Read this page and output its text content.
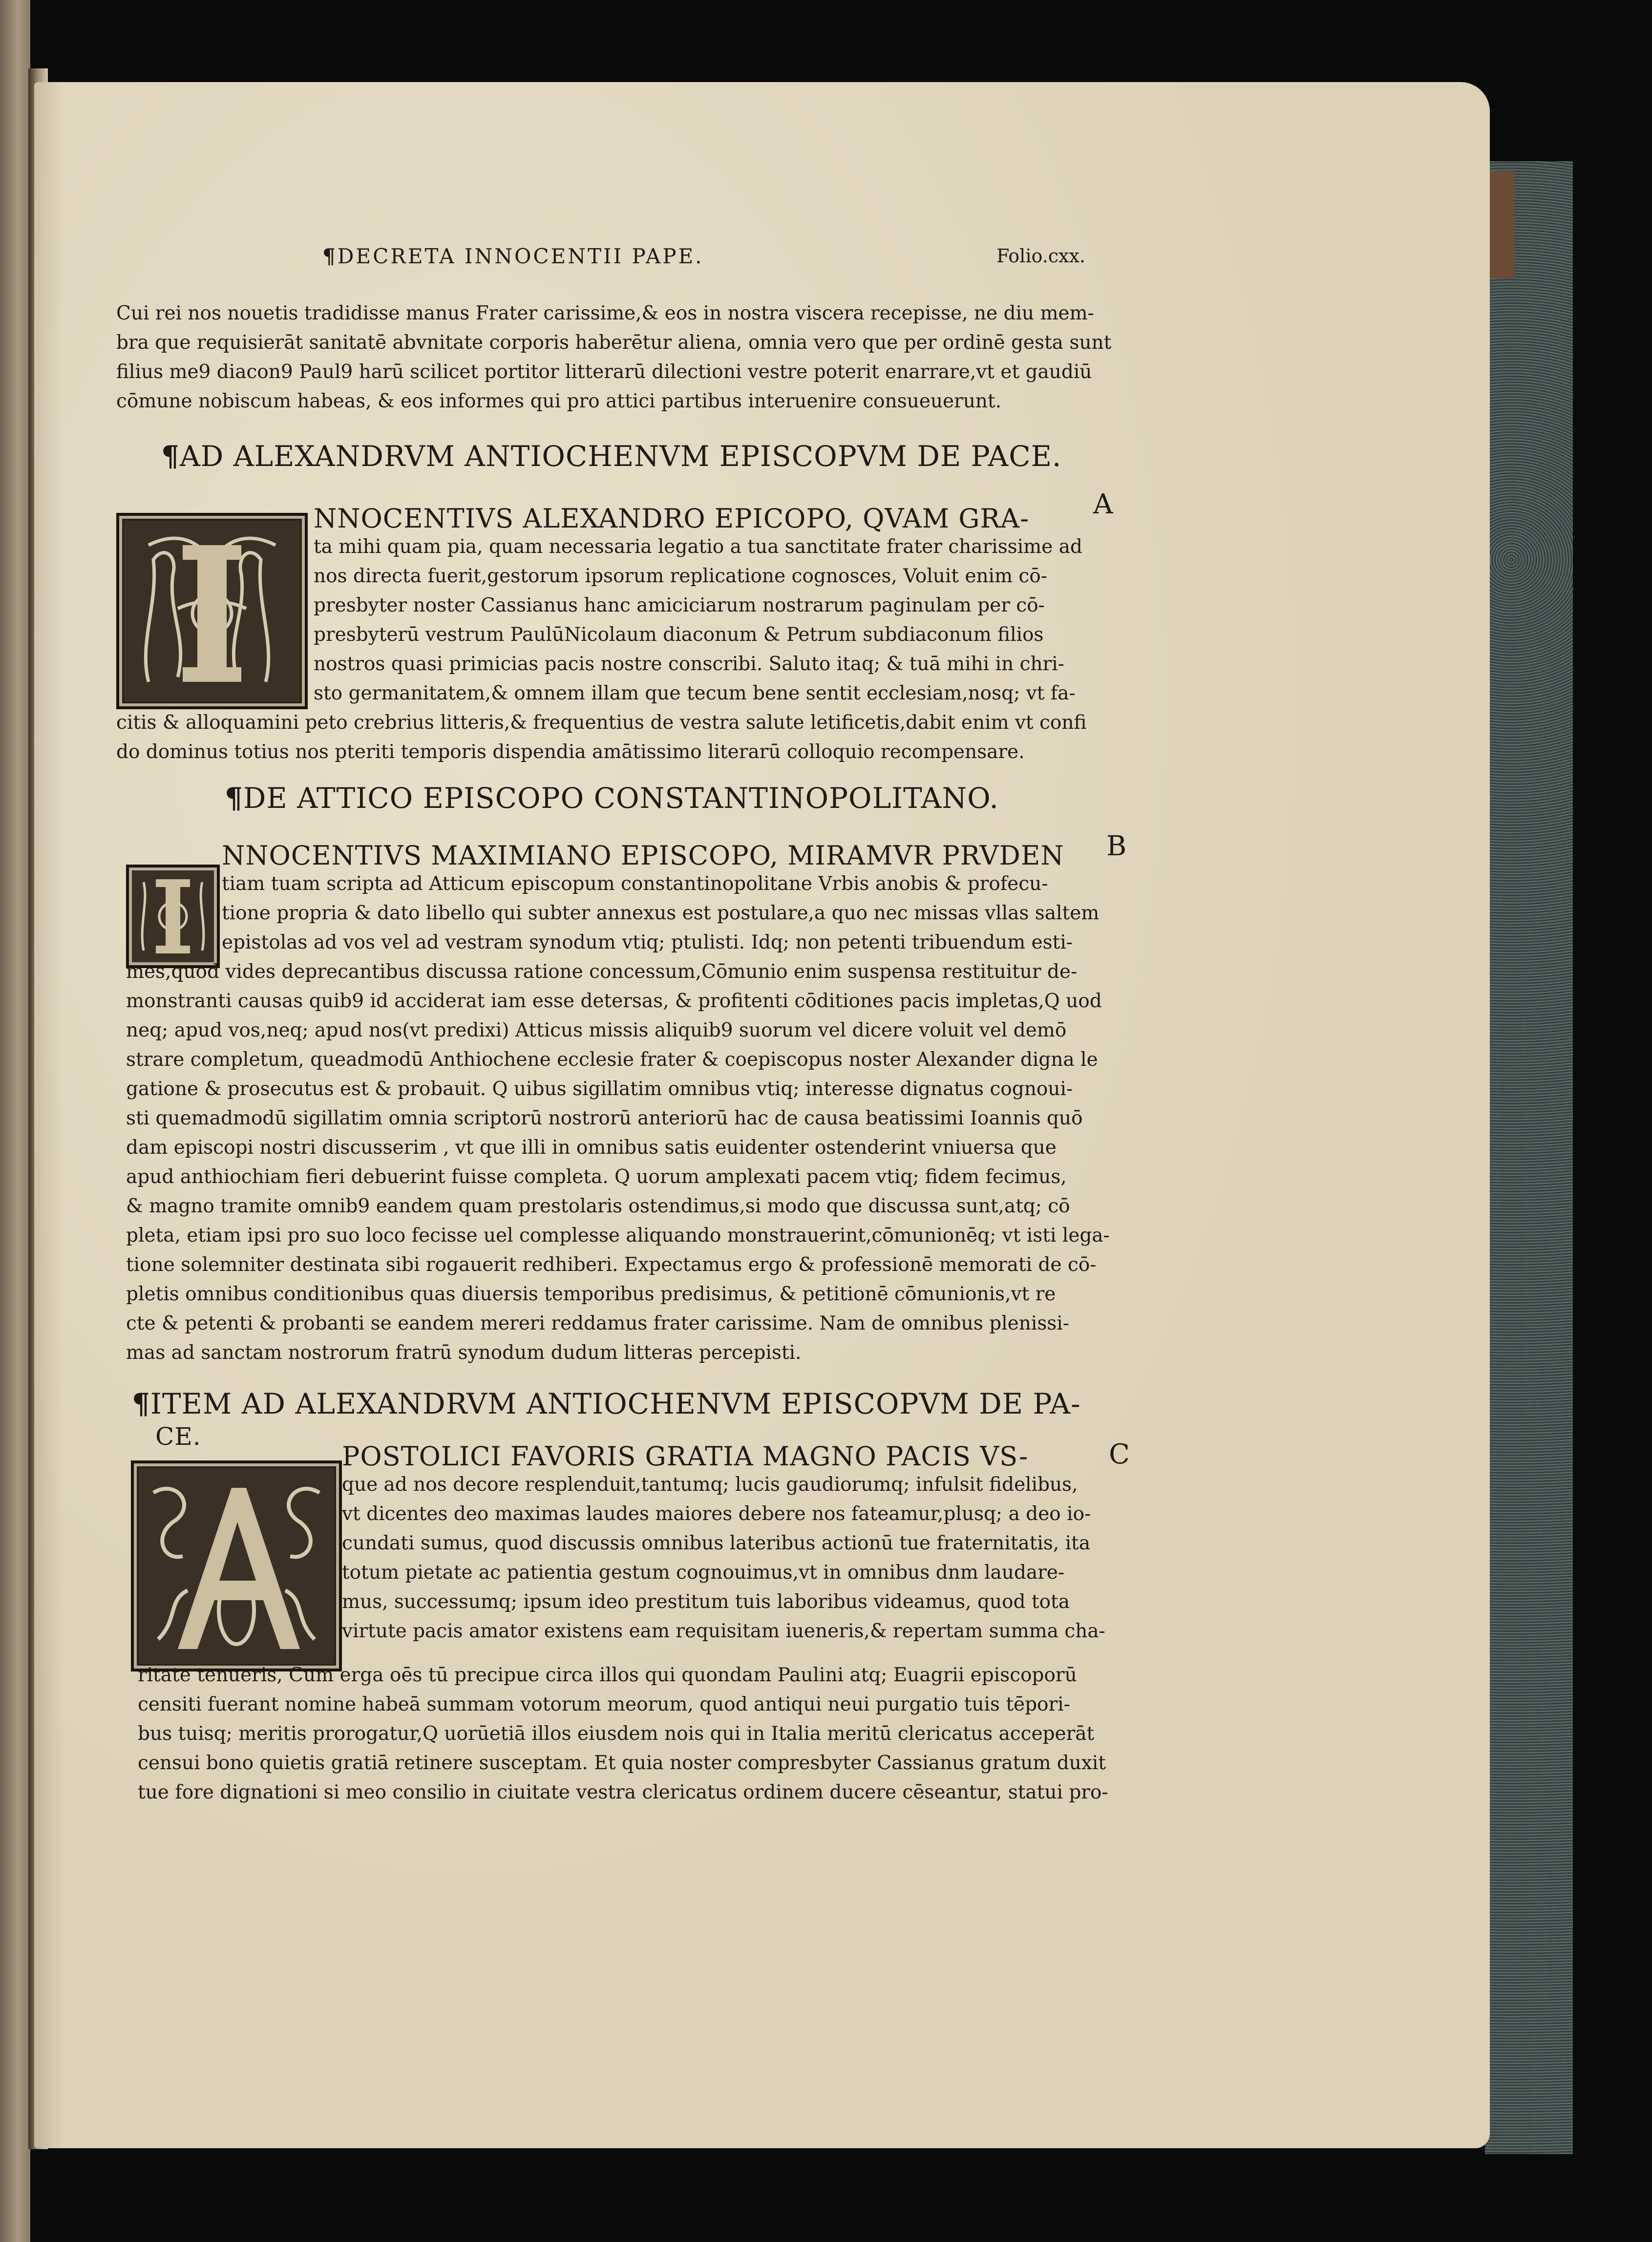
¶DECRETA INNOCENTII PAPE.	Folio.cxx.
Cui rei nos nouetis tradidisse manus Frater carissime,& eos in nostra viscera recepisse, ne diu mem-
bra que requisierāt sanitatē abvnitate corporis haberētur aliena, omnia vero que per ordinē gesta sunt
filius me9 diacon9 Paul9 harū scilicet portitor litterarū dilectioni vestre poterit enarrare,vt et gaudiū
cōmune nobiscum habeas, & eos informes qui pro attici partibus interuenire consueuerunt.
¶AD ALEXANDRVM ANTIOCHENVM EPISCOPVM DE PACE.
A
NNOCENTIVS ALEXANDRO EPICOPO, QVAM GRA-
ta mihi quam pia, quam necessaria legatio a tua sanctitate frater charissime ad
nos directa fuerit,gestorum ipsorum replicatione cognosces, Voluit enim cō-
presbyter noster Cassianus hanc amiciciarum nostrarum paginulam per cō-
presbyterū vestrum PaulūNicolaum diaconum & Petrum subdiaconum filios
nostros quasi primicias pacis nostre conscribi. Saluto itaq; & tuā mihi in chri-
sto germanitatem,& omnem illam que tecum bene sentit ecclesiam,nosq; vt fa-
citis & alloquamini peto crebrius litteris,& frequentius de vestra salute letificetis,dabit enim vt confi
do dominus totius nos pteriti temporis dispendia amātissimo literarū colloquio recompensare.
¶DE ATTICO EPISCOPO CONSTANTINOPOLITANO.
B
NNOCENTIVS MAXIMIANO EPISCOPO, MIRAMVR PRVDEN
tiam tuam scripta ad Atticum episcopum constantinopolitane Vrbis anobis & profecu-
tione propria & dato libello qui subter annexus est postulare,a quo nec missas vllas saltem
epistolas ad vos vel ad vestram synodum vtiq; ptulisti. Idq; non petenti tribuendum esti-
mes,quod vides deprecantibus discussa ratione concessum,Cōmunio enim suspensa restituitur de-
monstranti causas quib9 id acciderat iam esse detersas, & profitenti cōditiones pacis impletas,Q uod
neq; apud vos,neq; apud nos(vt predixi) Atticus missis aliquib9 suorum vel dicere voluit vel demō
strare completum, queadmodū Anthiochene ecclesie frater & coepiscopus noster Alexander digna le
gatione & prosecutus est & probauit. Q uibus sigillatim omnibus vtiq; interesse dignatus cognoui-
sti quemadmodū sigillatim omnia scriptorū nostrorū anteriorū hac de causa beatissimi Ioannis quō
dam episcopi nostri discusserim , vt que illi in omnibus satis euidenter ostenderint vniuersa que
apud anthiochiam fieri debuerint fuisse completa. Q uorum amplexati pacem vtiq; fidem fecimus,
& magno tramite omnib9 eandem quam prestolaris ostendimus,si modo que discussa sunt,atq; cō
pleta, etiam ipsi pro suo loco fecisse uel complesse aliquando monstrauerint,cōmunionēq; vt isti lega-
tione solemniter destinata sibi rogauerit redhiberi. Expectamus ergo & professionē memorati de cō-
pletis omnibus conditionibus quas diuersis temporibus predisimus, & petitionē cōmunionis,vt re
cte & petenti & probanti se eandem mereri reddamus frater carissime. Nam de omnibus plenissi-
mas ad sanctam nostrorum fratrū synodum dudum litteras percepisti.
¶ITEM AD ALEXANDRVM ANTIOCHENVM EPISCOPVM DE PA-
CE.
C
POSTOLICI FAVORIS GRATIA MAGNO PACIS VS-
que ad nos decore resplenduit,tantumq; lucis gaudiorumq; infulsit fidelibus,
vt dicentes deo maximas laudes maiores debere nos fateamur,plusq; a deo io-
cundati sumus, quod discussis omnibus lateribus actionū tue fraternitatis, ita
totum pietate ac patientia gestum cognouimus,vt in omnibus dnm laudare-
mus, successumq; ipsum ideo prestitum tuis laboribus videamus, quod tota
virtute pacis amator existens eam requisitam iueneris,& repertam summa cha-
ritate tenueris, Cum erga oēs tū precipue circa illos qui quondam Paulini atq; Euagrii episcoporū
censiti fuerant nomine habeā summam votorum meorum, quod antiqui neui purgatio tuis tēpori-
bus tuisq; meritis prorogatur,Q uorūetiā illos eiusdem nois qui in Italia meritū clericatus acceperāt
censui bono quietis gratiā retinere susceptam. Et quia noster compresbyter Cassianus gratum duxit
tue fore dignationi si meo consilio in ciuitate vestra clericatus ordinem ducere cēseantur, statui pro-
